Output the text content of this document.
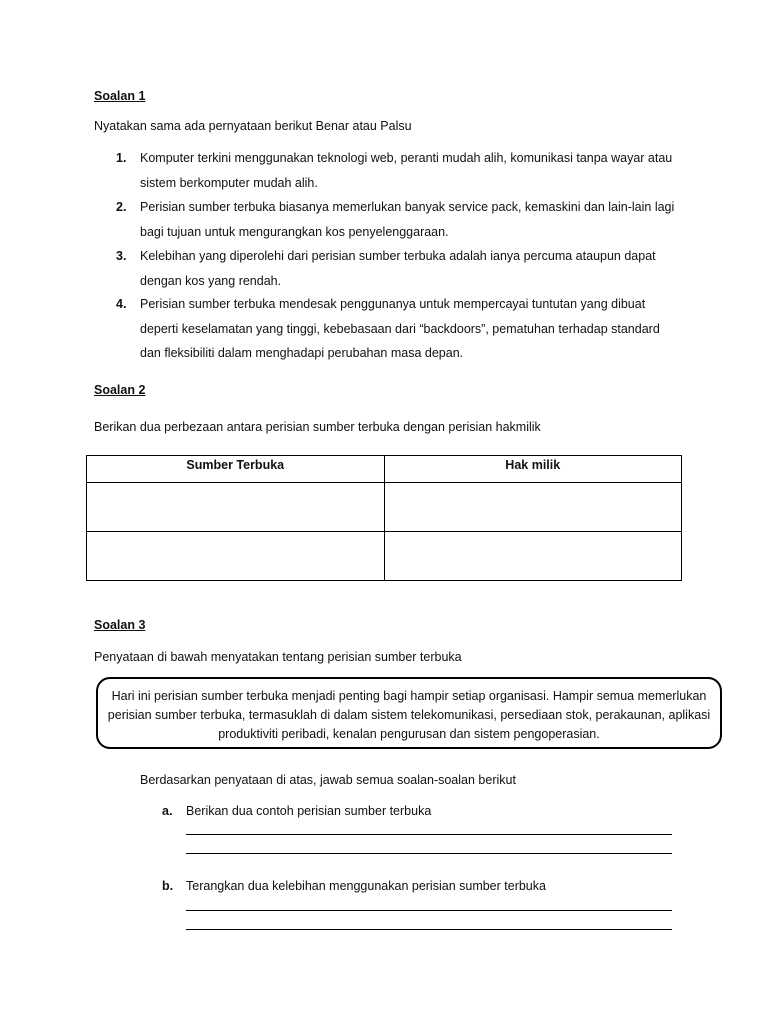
Soalan 1
Nyatakan sama ada pernyataan berikut Benar atau Palsu
1. Komputer terkini menggunakan teknologi web, peranti mudah alih, komunikasi tanpa wayar atau sistem berkomputer mudah alih.
2. Perisian sumber terbuka biasanya memerlukan banyak service pack, kemaskini dan lain-lain lagi bagi tujuan untuk mengurangkan kos penyelenggaraan.
3. Kelebihan yang diperolehi dari perisian sumber terbuka adalah ianya percuma ataupun dapat dengan kos yang rendah.
4. Perisian sumber terbuka mendesak penggunanya untuk mempercayai tuntutan yang dibuat deperti keselamatan yang tinggi, kebebasaan dari “backdoors”, pematuhan terhadap standard dan fleksibiliti dalam menghadapi perubahan masa depan.
Soalan 2
Berikan dua perbezaan antara perisian sumber terbuka dengan perisian hakmilik
Sumber Terbuka	Hak milik

Soalan 3
Penyataan di bawah menyatakan tentang perisian sumber terbuka
Hari ini perisian sumber terbuka menjadi penting bagi hampir setiap organisasi. Hampir semua memerlukan perisian sumber terbuka, termasuklah di dalam sistem telekomunikasi, persediaan stok, perakaunan, aplikasi produktiviti peribadi, kenalan pengurusan dan sistem pengoperasian.
Berdasarkan penyataan di atas, jawab semua soalan-soalan berikut
a. Berikan dua contoh perisian sumber terbuka
b. Terangkan dua kelebihan menggunakan perisian sumber terbuka
